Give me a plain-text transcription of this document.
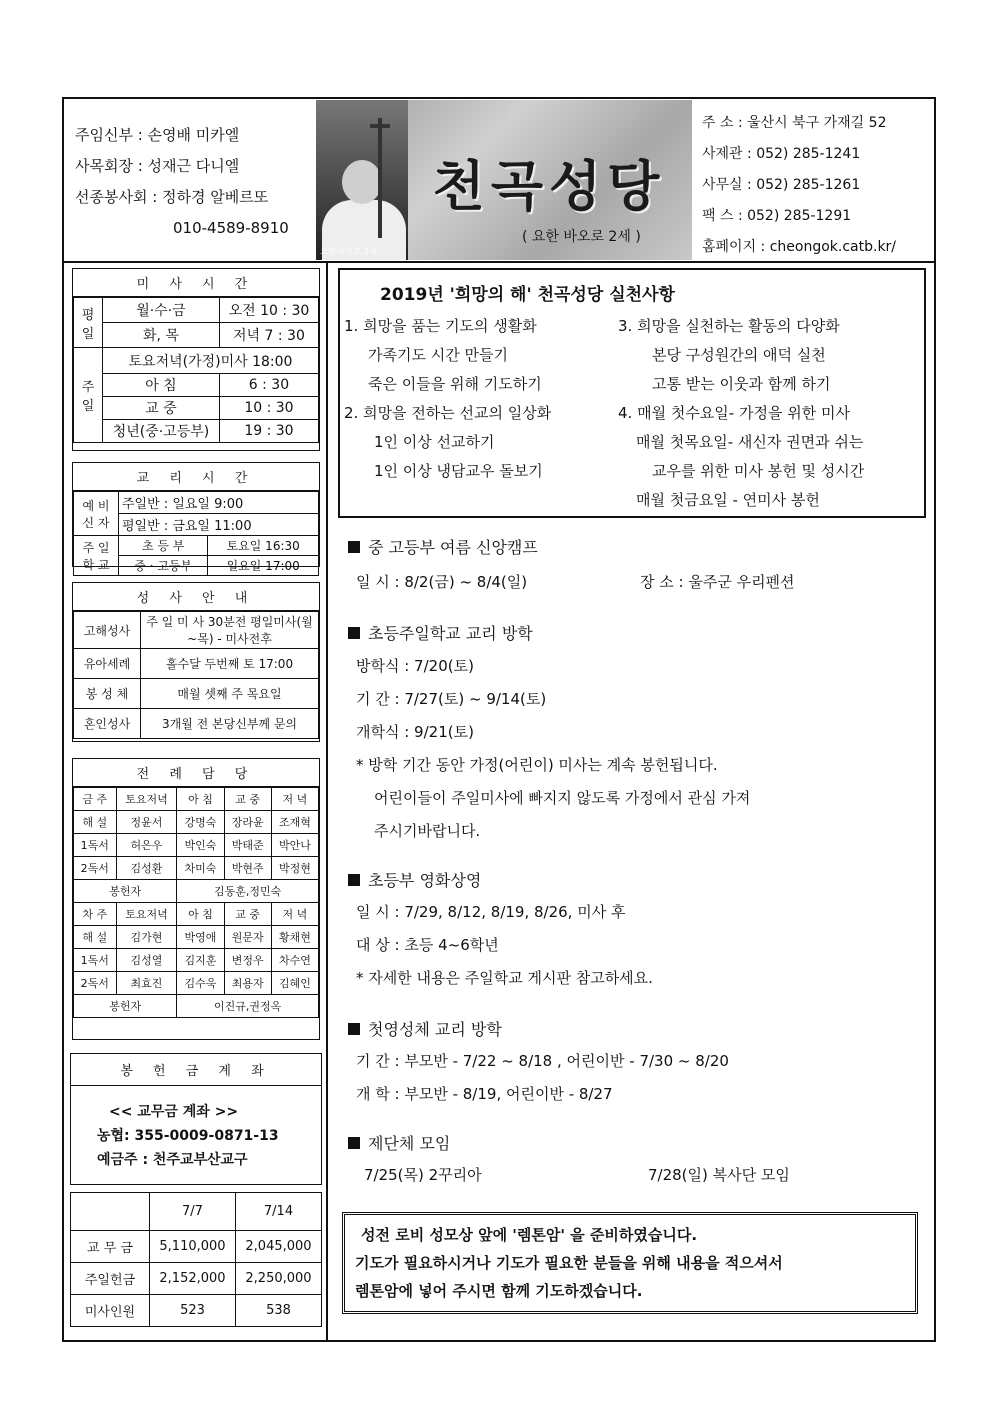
주임신부 : 손영배 미카엘
사목회장 : 성재근 다니엘
선종봉사회 : 정하경 알베르또
010-4589-8910
요한 바오로 2세
천곡성당
( 요한 바오로 2세 )
주 소 : 울산시 북구 가재길 52
사제관 : 052) 285-1241
사무실 : 052) 285-1261
팩 스 : 052) 285-1291
홈페이지 : cheongok.catb.kr/
미 사 시 간
평일	월·수·금	오전 10 : 30
	화, 목	저녁 7 : 30
주일	토요저녁(가정)미사 18:00	
	아 침	6 : 30
	교 중	10 : 30
	청년(중·고등부)	19 : 30
교 리 시 간
예 비 신 자	주일반 : 일요일 9:00	
	평일반 : 금요일 11:00	
주 일 학 교	초 등 부	토요일 16:30
	중 · 고등부	일요일 17:00
성 사 안 내
고해성사	주 일 미 사 30분전 평일미사(월~목) - 미사전후
유아세례	홀수달 두번째 토 17:00
봉 성 체	매월 셋째 주 목요일
혼인성사	3개월 전 본당신부께 문의
전 례 담 당
금 주	토요저녁	아 침	교 중	저 녁
해 설	정윤서	강명숙	장라윤	조재혁
1독서	허은우	박인숙	박태준	박안나
2독서	김성환	차미숙	박현주	박정현
봉헌자		김동훈,정민숙		
차 주	토요저녁	아 침	교 중	저 녁
해 설	김가현	박영애	원문자	황채현
1독서	김성열	김지훈	변정우	차수연
2독서	최효진	김수욱	최용자	김혜인
봉헌자		이진규,권정옥		
봉 헌 금 계 좌
<< 교무금 계좌 >>
농협: 355-0009-0871-13
예금주 : 천주교부산교구
	7/7	7/14
교 무 금	5,110,000	2,045,000
주일헌금	2,152,000	2,250,000
미사인원	523	538
2019년 '희망의 해' 천곡성당 실천사항
1. 희망을 품는 기도의 생활화
가족기도 시간 만들기
죽은 이들을 위해 기도하기
2. 희망을 전하는 선교의 일상화
1인 이상 선교하기
1인 이상 냉담교우 돌보기
3. 희망을 실천하는 활동의 다양화
본당 구성원간의 애덕 실천
고통 받는 이웃과 함께 하기
4. 매월 첫수요일- 가정을 위한 미사
매월 첫목요일- 새신자 권면과 쉬는
교우를 위한 미사 봉헌 및 성시간
매월 첫금요일 - 연미사 봉헌
중 고등부 여름 신앙캠프
일 시 : 8/2(금) ~ 8/4(일)	장 소 : 울주군 우리펜션
초등주일학교 교리 방학
방학식 : 7/20(토)
기 간 : 7/27(토) ~ 9/14(토)
개학식 : 9/21(토)
* 방학 기간 동안 가정(어린이) 미사는 계속 봉헌됩니다.
어린이들이 주일미사에 빠지지 않도록 가정에서 관심 가져
주시기바랍니다.
초등부 영화상영
일 시 : 7/29, 8/12, 8/19, 8/26, 미사 후
대 상 : 초등 4~6학년
* 자세한 내용은 주일학교 게시판 참고하세요.
첫영성체 교리 방학
기 간 : 부모반 - 7/22 ~ 8/18 , 어린이반 - 7/30 ~ 8/20
개 학 : 부모반 - 8/19, 어린이반 - 8/27
제단체 모임
7/25(목) 2꾸리아	7/28(일) 복사단 모임
성전 로비 성모상 앞에 '렘톤암' 을 준비하였습니다.
기도가 필요하시거나 기도가 필요한 분들을 위해 내용을 적으셔서
렘톤암에 넣어 주시면 함께 기도하겠습니다.
